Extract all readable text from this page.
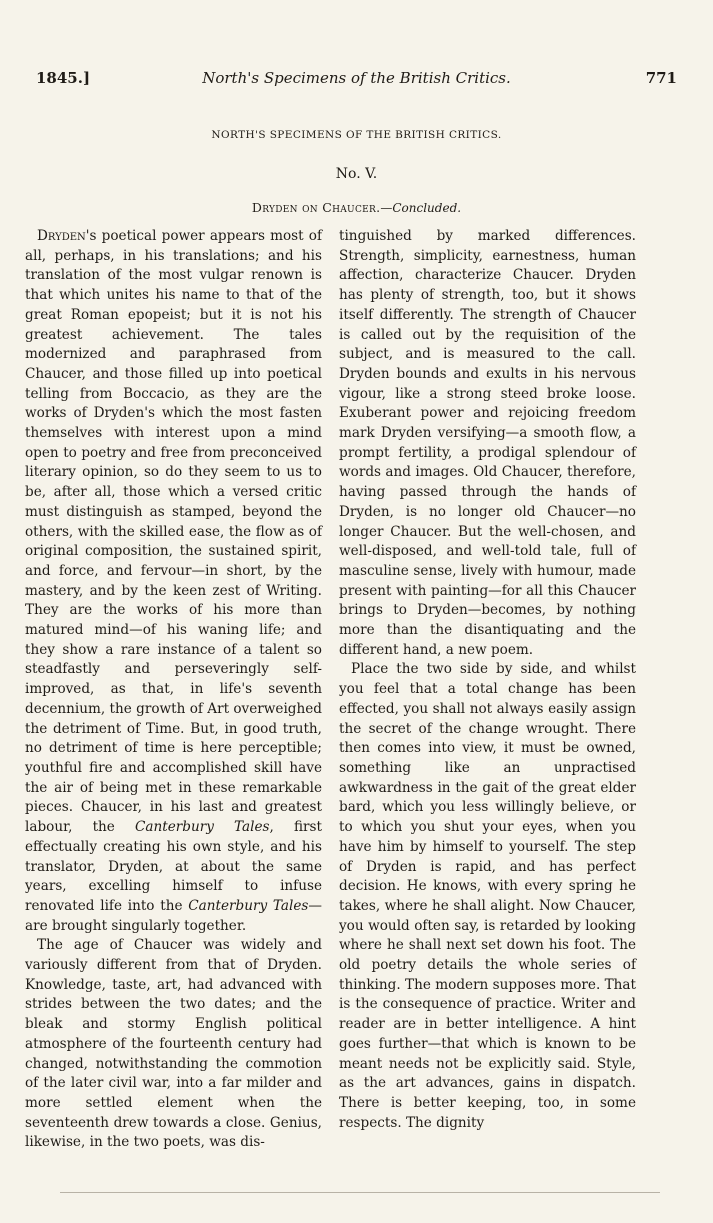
1845.]	North's Specimens of the British Critics.	771
NORTH'S SPECIMENS OF THE BRITISH CRITICS.
No. V.
Dryden on Chaucer.—Concluded.

Dryden's poetical power appears most of all, perhaps, in his translations; and his translation of the most vulgar renown is that which unites his name to that of the great Roman epopeist; but it is not his greatest achievement. The tales modernized and paraphrased from Chaucer, and those filled up into poetical telling from Boccacio, as they are the works of Dryden's which the most fasten themselves with interest upon a mind open to poetry and free from preconceived literary opinion, so do they seem to us to be, after all, those which a versed critic must distinguish as stamped, beyond the others, with the skilled ease, the flow as of original composition, the sustained spirit, and force, and fervour—in short, by the mastery, and by the keen zest of Writing. They are the works of his more than matured mind—of his waning life; and they show a rare instance of a talent so steadfastly and perseveringly self-improved, as that, in life's seventh decennium, the growth of Art overweighed the detriment of Time. But, in good truth, no detriment of time is here perceptible; youthful fire and accomplished skill have the air of being met in these remarkable pieces. Chaucer, in his last and greatest labour, the Canterbury Tales, first effectually creating his own style, and his translator, Dryden, at about the same years, excelling himself to infuse renovated life into the Canterbury Tales—are brought singularly together.

The age of Chaucer was widely and variously different from that of Dryden. Knowledge, taste, art, had advanced with strides between the two dates; and the bleak and stormy English political atmosphere of the fourteenth century had changed, notwithstanding the commotion of the later civil war, into a far milder and more settled element when the seventeenth drew towards a close. Genius, likewise, in the two poets, was dis-

tinguished by marked differences. Strength, simplicity, earnestness, human affection, characterize Chaucer. Dryden has plenty of strength, too, but it shows itself differently. The strength of Chaucer is called out by the requisition of the subject, and is measured to the call. Dryden bounds and exults in his nervous vigour, like a strong steed broke loose. Exuberant power and rejoicing freedom mark Dryden versifying—a smooth flow, a prompt fertility, a prodigal splendour of words and images. Old Chaucer, therefore, having passed through the hands of Dryden, is no longer old Chaucer—no longer Chaucer. But the well-chosen, and well-disposed, and well-told tale, full of masculine sense, lively with humour, made present with painting—for all this Chaucer brings to Dryden—becomes, by nothing more than the disantiquating and the different hand, a new poem.

Place the two side by side, and whilst you feel that a total change has been effected, you shall not always easily assign the secret of the change wrought. There then comes into view, it must be owned, something like an unpractised awkwardness in the gait of the great elder bard, which you less willingly believe, or to which you shut your eyes, when you have him by himself to yourself. The step of Dryden is rapid, and has perfect decision. He knows, with every spring he takes, where he shall alight. Now Chaucer, you would often say, is retarded by looking where he shall next set down his foot. The old poetry details the whole series of thinking. The modern supposes more. That is the consequence of practice. Writer and reader are in better intelligence. A hint goes further—that which is known to be meant needs not be explicitly said. Style, as the art advances, gains in dispatch. There is better keeping, too, in some respects. The dignity
